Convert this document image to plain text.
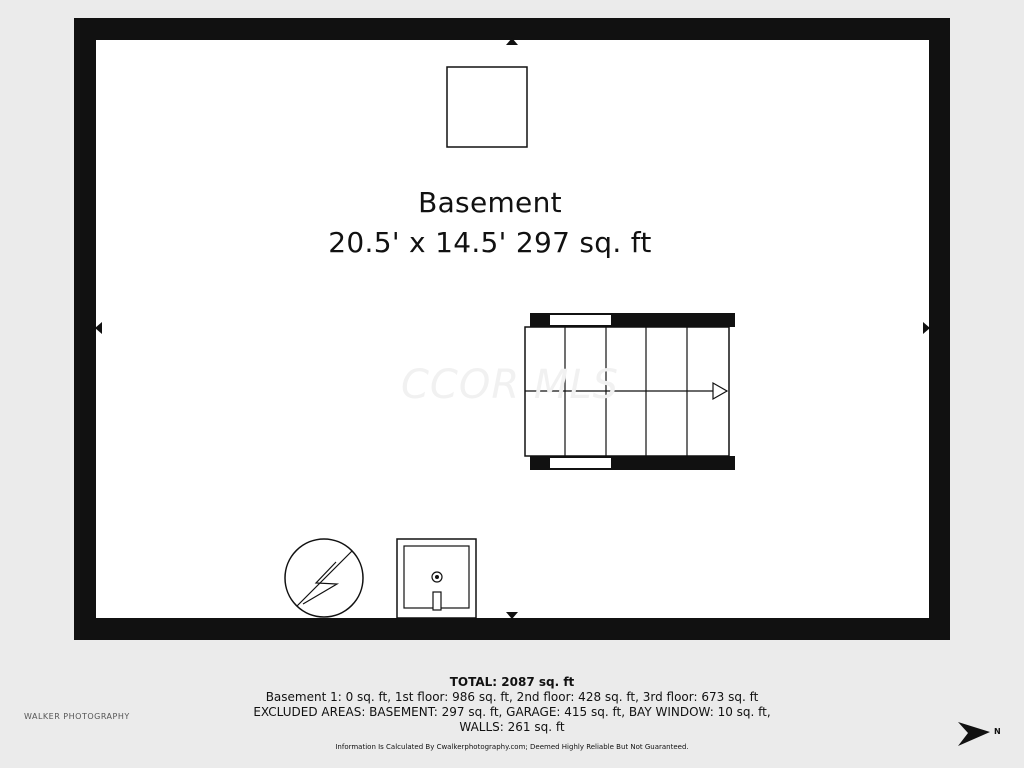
Basement
20.5' x 14.5' 297 sq. ft
CCOR MLS
TOTAL: 2087 sq. ft
Basement 1: 0 sq. ft, 1st floor: 986 sq. ft, 2nd floor: 428 sq. ft, 3rd floor: 673 sq. ft
EXCLUDED AREAS: BASEMENT: 297 sq. ft, GARAGE: 415 sq. ft, BAY WINDOW: 10 sq. ft,
WALLS: 261 sq. ft
Information Is Calculated By Cwalkerphotography.com; Deemed Highly Reliable But Not Guaranteed.
WALKER PHOTOGRAPHY
N
